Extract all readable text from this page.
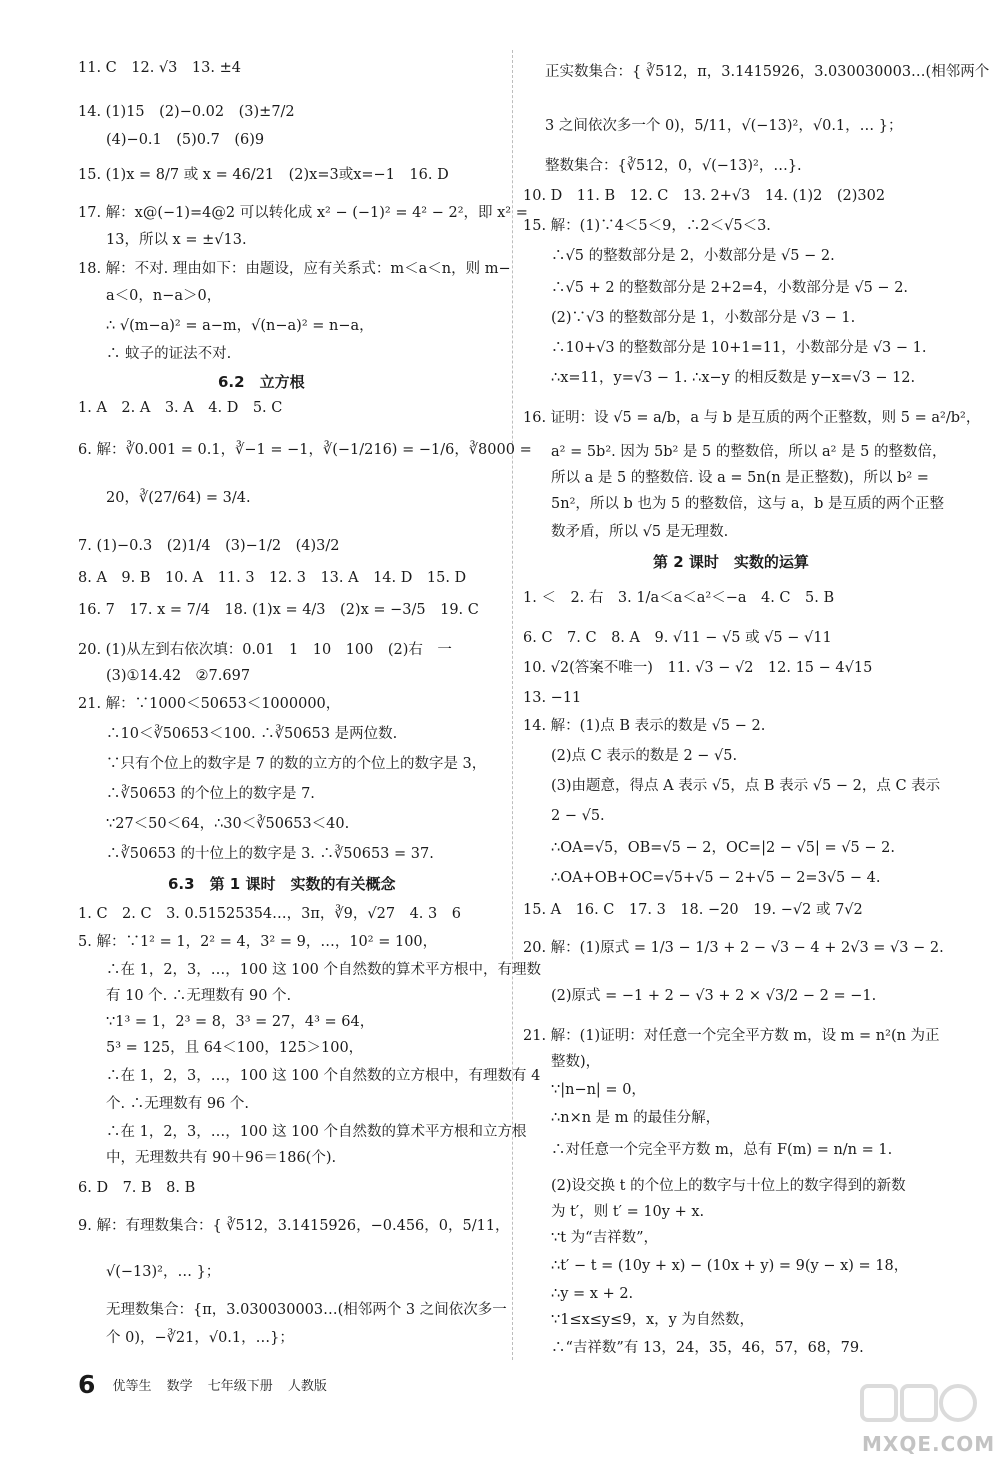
11. C　12. √3　13. ±4
14. (1)15　(2)−0.02　(3)±7/2
(4)−0.1　(5)0.7　(6)9
15. (1)x = 8/7 或 x = 46/21　(2)x=3或x=−1　16. D
17. 解：x@(−1)=4@2 可以转化成 x² − (−1)² = 4² − 2²，即 x² =
13，所以 x = ±√13.
18. 解：不对. 理由如下：由题设，应有关系式：m＜a＜n，则 m−
a＜0，n−a＞0，
∴ √(m−a)² = a−m，√(n−a)² = n−a，
∴ 蚊子的证法不对.
6.2　立方根
1. A　2. A　3. A　4. D　5. C
6. 解：∛0.001 = 0.1，∛−1 = −1，∛(−1/216) = −1/6，∛8000 =
20，∛(27/64) = 3/4.
7. (1)−0.3　(2)1/4　(3)−1/2　(4)3/2
8. A　9. B　10. A　11. 3　12. 3　13. A　14. D　15. D
16. 7　17. x = 7/4　18. (1)x = 4/3　(2)x = −3/5　19. C
20. (1)从左到右依次填：0.01　1　10　100　(2)右　一
(3)①14.42　②7.697
21. 解：∵1000＜50653＜1000000，
∴10＜∛50653＜100. ∴∛50653 是两位数.
∵只有个位上的数字是 7 的数的立方的个位上的数字是 3，
∴∛50653 的个位上的数字是 7.
∵27＜50＜64，∴30＜∛50653＜40.
∴∛50653 的十位上的数字是 3. ∴∛50653 = 37.
6.3　第 1 课时　实数的有关概念
1. C　2. C　3. 0.51525354…，3π，∛9，√27　4. 3　6
5. 解：∵1² = 1，2² = 4，3² = 9，…，10² = 100，
∴在 1，2，3，…，100 这 100 个自然数的算术平方根中，有理数
有 10 个. ∴无理数有 90 个.
∵1³ = 1，2³ = 8，3³ = 27，4³ = 64，
5³ = 125，且 64＜100，125＞100，
∴在 1，2，3，…，100 这 100 个自然数的立方根中，有理数有 4
个. ∴无理数有 96 个.
∴在 1，2，3，…，100 这 100 个自然数的算术平方根和立方根
中，无理数共有 90＋96＝186(个).
6. D　7. B　8. B
9. 解：有理数集合：{ ∛512，3.1415926，−0.456，0，5/11，
√(−13)²，… }；
无理数集合：{π，3.030030003…(相邻两个 3 之间依次多一
个 0)，−∛21，√0.1，…}；
正实数集合：{ ∛512，π，3.1415926，3.030030003…(相邻两个
3 之间依次多一个 0)，5/11，√(−13)²，√0.1，… }；
整数集合：{∛512，0，√(−13)²，…}.
10. D　11. B　12. C　13. 2+√3　14. (1)2　(2)302
15. 解：(1)∵4＜5＜9，∴2＜√5＜3.
∴√5 的整数部分是 2，小数部分是 √5 − 2.
∴√5 + 2 的整数部分是 2+2=4，小数部分是 √5 − 2.
(2)∵√3 的整数部分是 1，小数部分是 √3 − 1.
∴10+√3 的整数部分是 10+1=11，小数部分是 √3 − 1.
∴x=11，y=√3 − 1. ∴x−y 的相反数是 y−x=√3 − 12.
16. 证明：设 √5 = a/b，a 与 b 是互质的两个正整数，则 5 = a²/b²，
a² = 5b². 因为 5b² 是 5 的整数倍，所以 a² 是 5 的整数倍，
所以 a 是 5 的整数倍. 设 a = 5n(n 是正整数)，所以 b² =
5n²，所以 b 也为 5 的整数倍，这与 a，b 是互质的两个正整
数矛盾，所以 √5 是无理数.
第 2 课时　实数的运算
1. ＜　2. 右　3. 1/a＜a＜a²＜−a　4. C　5. B
6. C　7. C　8. A　9. √11 − √5 或 √5 − √11
10. √2(答案不唯一)　11. √3 − √2　12. 15 − 4√15
13. −11
14. 解：(1)点 B 表示的数是 √5 − 2.
(2)点 C 表示的数是 2 − √5.
(3)由题意，得点 A 表示 √5，点 B 表示 √5 − 2，点 C 表示
2 − √5.
∴OA=√5，OB=√5 − 2，OC=|2 − √5| = √5 − 2.
∴OA+OB+OC=√5+√5 − 2+√5 − 2=3√5 − 4.
15. A　16. C　17. 3　18. −20　19. −√2 或 7√2
20. 解：(1)原式 = 1/3 − 1/3 + 2 − √3 − 4 + 2√3 = √3 − 2.
(2)原式 = −1 + 2 − √3 + 2 × √3/2 − 2 = −1.
21. 解：(1)证明：对任意一个完全平方数 m，设 m = n²(n 为正
整数)，
∵|n−n| = 0，
∴n×n 是 m 的最佳分解，
∴对任意一个完全平方数 m，总有 F(m) = n/n = 1.
(2)设交换 t 的个位上的数字与十位上的数字得到的新数
为 t′，则 t′ = 10y + x.
∵t 为“吉祥数”，
∴t′ − t = (10y + x) − (10x + y) = 9(y − x) = 18，
∴y = x + 2.
∵1≤x≤y≤9，x，y 为自然数，
∴“吉祥数”有 13，24，35，46，57，68，79.
6 优等生 数学 七年级下册 人教版
MXQE.COM
